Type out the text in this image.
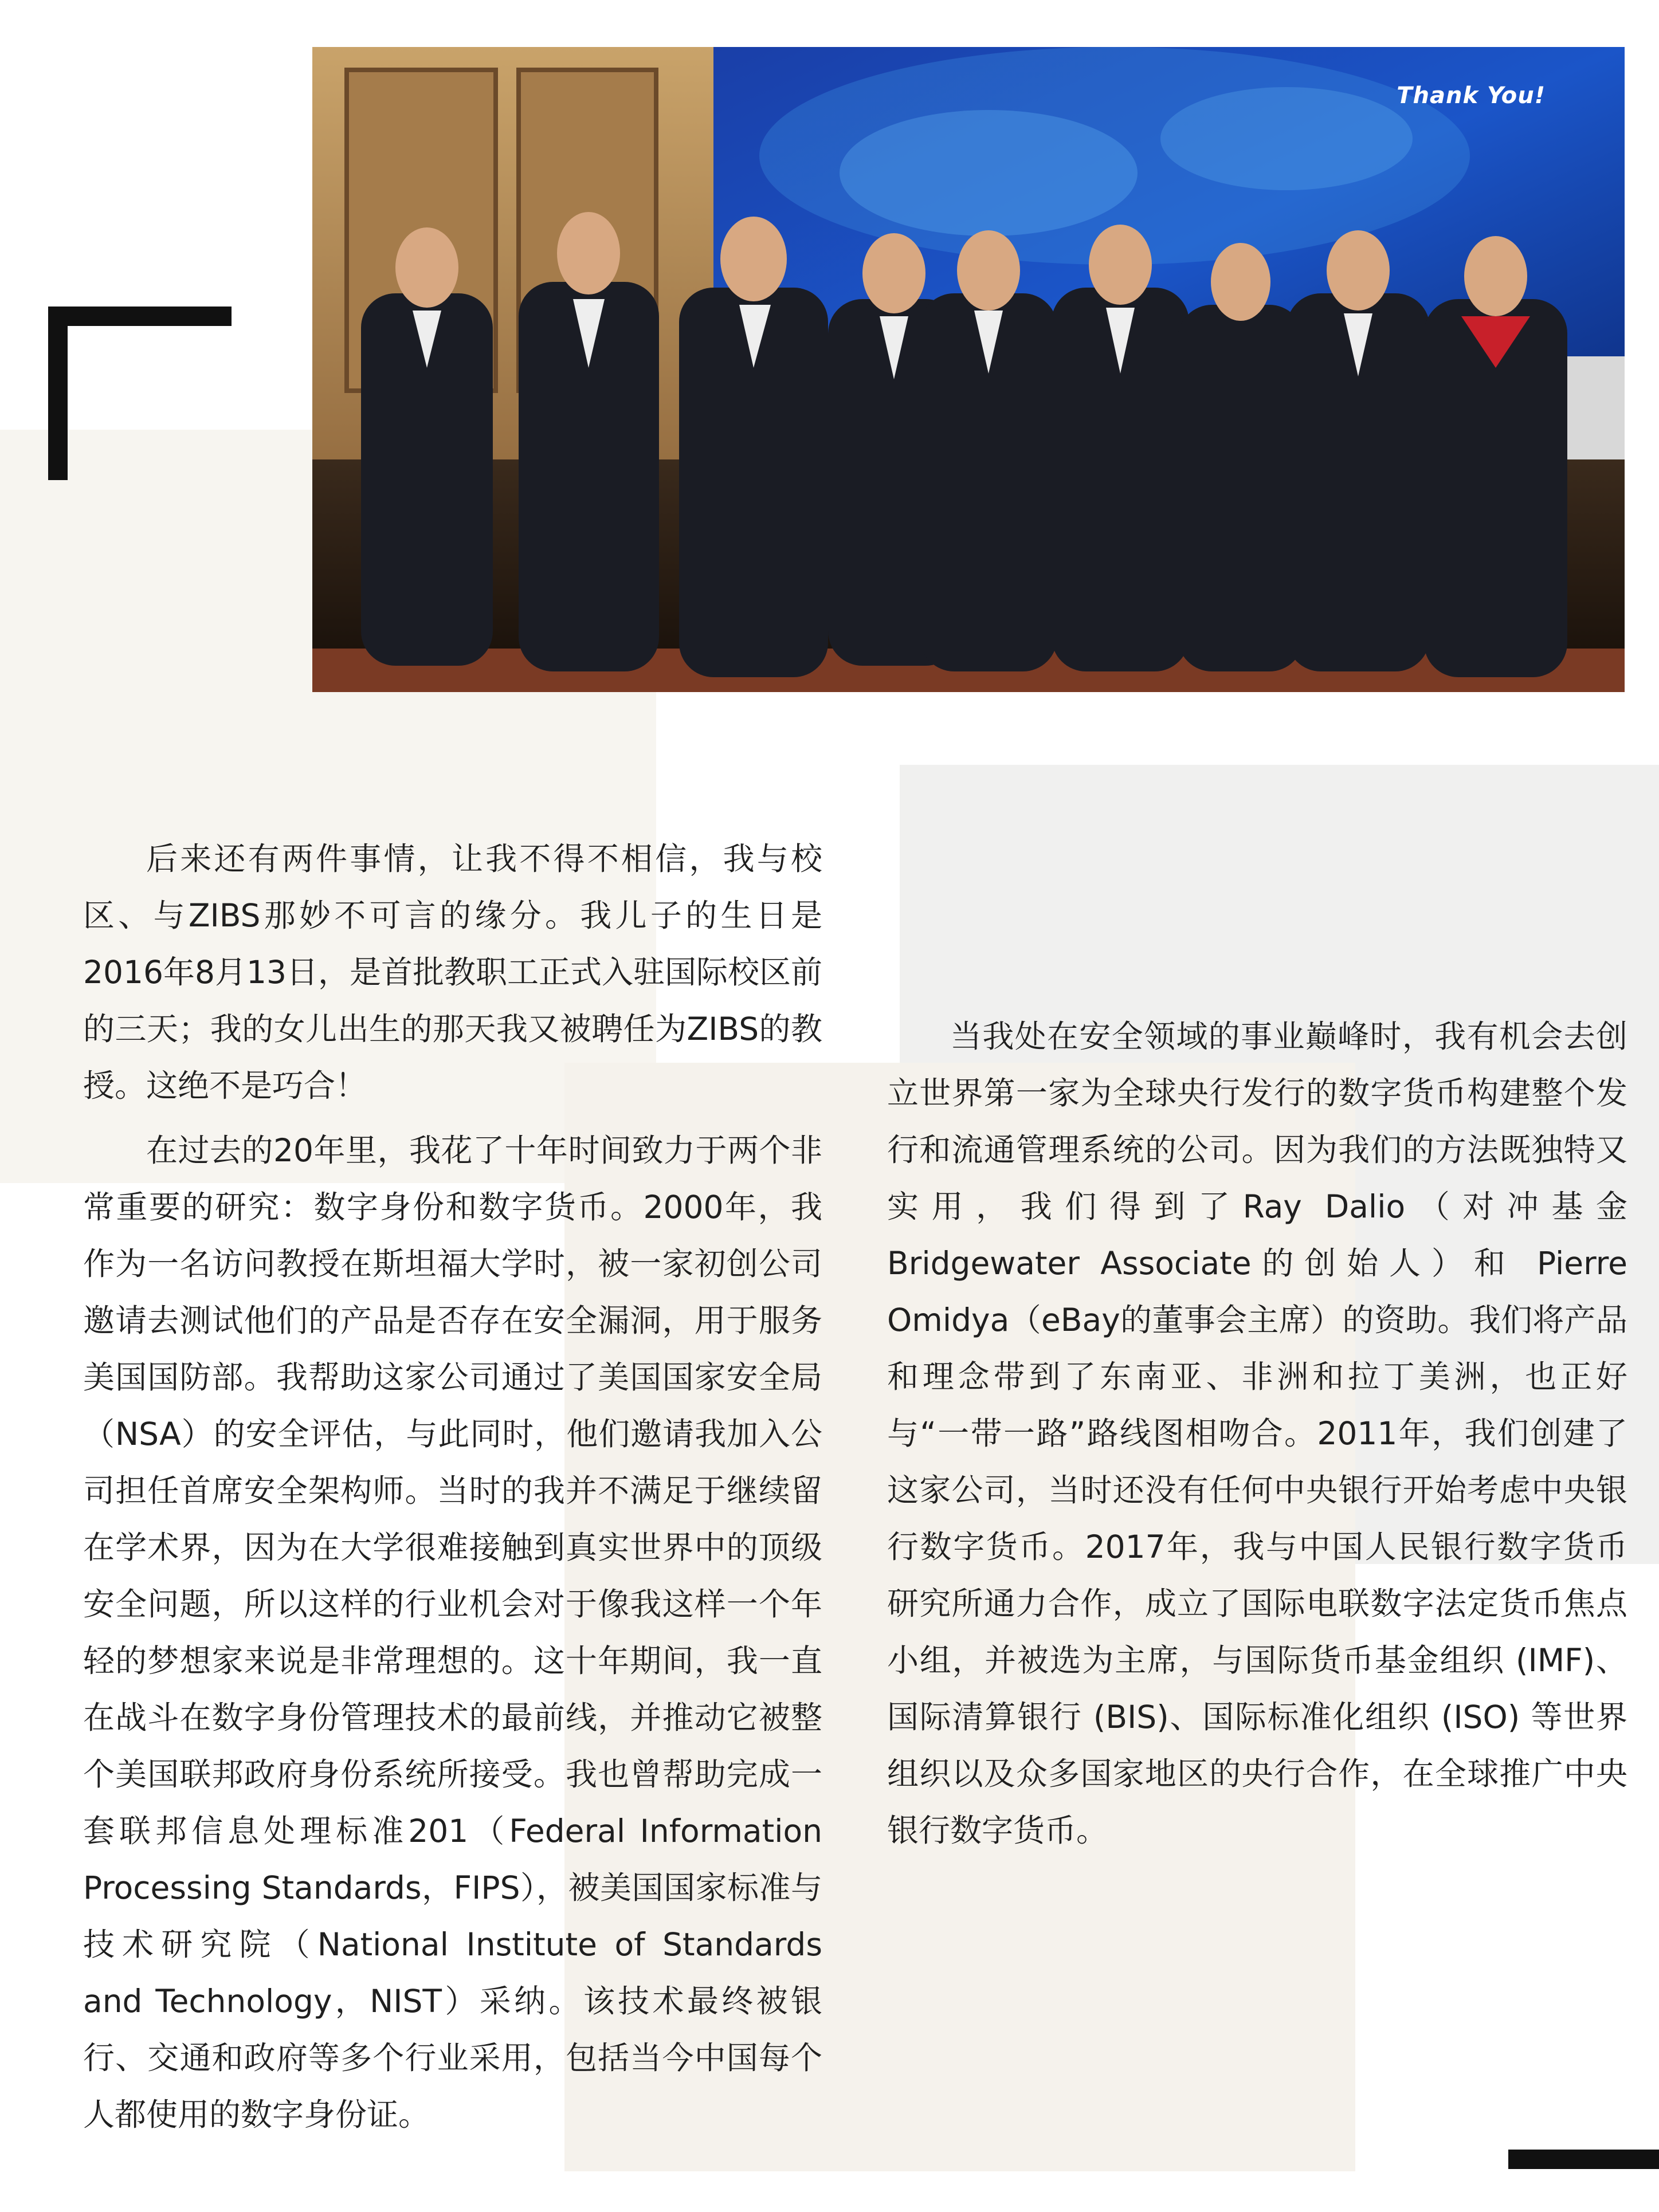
Thank You!

后来还有两件事情，让我不得不相信，我与校区、与ZIBS那妙不可言的缘分。我儿子的生日是2016年8月13日，是首批教职工正式入驻国际校区前的三天；我的女儿出生的那天我又被聘任为ZIBS的教授。这绝不是巧合！

在过去的20年里，我花了十年时间致力于两个非常重要的研究：数字身份和数字货币。2000年，我作为一名访问教授在斯坦福大学时，被一家初创公司邀请去测试他们的产品是否存在安全漏洞，用于服务美国国防部。我帮助这家公司通过了美国国家安全局（NSA）的安全评估，与此同时，他们邀请我加入公司担任首席安全架构师。当时的我并不满足于继续留在学术界，因为在大学很难接触到真实世界中的顶级安全问题，所以这样的行业机会对于像我这样一个年轻的梦想家来说是非常理想的。这十年期间，我一直在战斗在数字身份管理技术的最前线，并推动它被整个美国联邦政府身份系统所接受。我也曾帮助完成一套联邦信息处理标准201（Federal Information Processing Standards，FIPS），被美国国家标准与技术研究院（National Institute of Standards and Technology，NIST）采纳。该技术最终被银行、交通和政府等多个行业采用，包括当今中国每个人都使用的数字身份证。

当我处在安全领域的事业巅峰时，我有机会去创立世界第一家为全球央行发行的数字货币构建整个发行和流通管理系统的公司。因为我们的方法既独特又实用，我们得到了Ray Dalio（对冲基金Bridgewater Associate的创始人）和 Pierre Omidya（eBay的董事会主席）的资助。我们将产品和理念带到了东南亚、非洲和拉丁美洲，也正好与“一带一路”路线图相吻合。2011年，我们创建了这家公司，当时还没有任何中央银行开始考虑中央银行数字货币。2017年，我与中国人民银行数字货币研究所通力合作，成立了国际电联数字法定货币焦点小组，并被选为主席，与国际货币基金组织 (IMF)、国际清算银行 (BIS)、国际标准化组织 (ISO) 等世界组织以及众多国家地区的央行合作，在全球推广中央银行数字货币。
